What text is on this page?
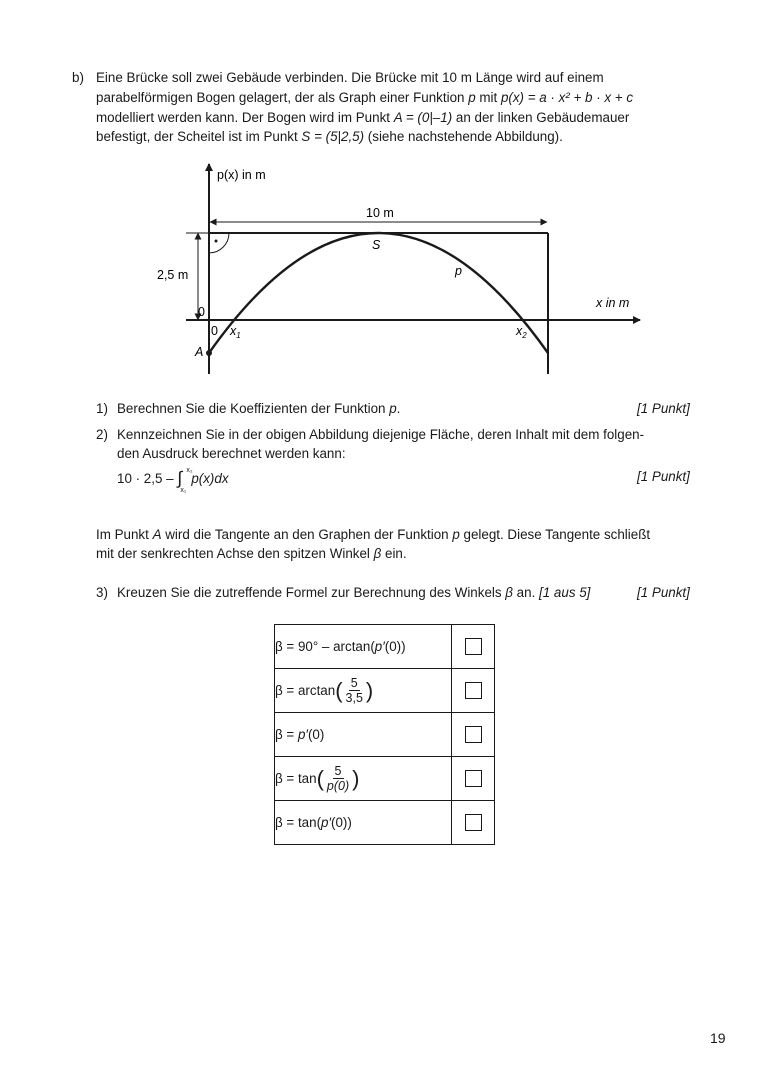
b) Eine Brücke soll zwei Gebäude verbinden. Die Brücke mit 10 m Länge wird auf einem
parabelförmigen Bogen gelagert, der als Graph einer Funktion p mit p(x) = a · x² + b · x + c
modelliert werden kann. Der Bogen wird im Punkt A = (0|–1) an der linken Gebäudemauer
befestigt, der Scheitel ist im Punkt S = (5|2,5) (siehe nachstehende Abbildung).
p(x) in m
x in m
10 m
2,5 m
0
0
A
S
p
$x_1$	$x_2$
1) Berechnen Sie die Koeffizienten der Funktion p.	[1 Punkt]
2) Kennzeichnen Sie in der obigen Abbildung diejenige Fläche, deren Inhalt mit dem folgen-
den Ausdruck berechnet werden kann:
10 · 2,5 – ∫ x₂
x₁
p(x)dx	[1 Punkt]
Im Punkt A wird die Tangente an den Graphen der Funktion p gelegt. Diese Tangente schließt
mit der senkrechten Achse den spitzen Winkel β ein.
3) Kreuzen Sie die zutreffende Formel zur Berechnung des Winkels β an. [1 aus 5]	[1 Punkt]
β = 90° – arctan( p′ (0))	

β = arctan ( $\frac{5}{3,5}$ )	

β =
p′ (0)	

β = tan ( $\frac{5}{p(0)}$ )	

β = tan( p′ (0))	

19
